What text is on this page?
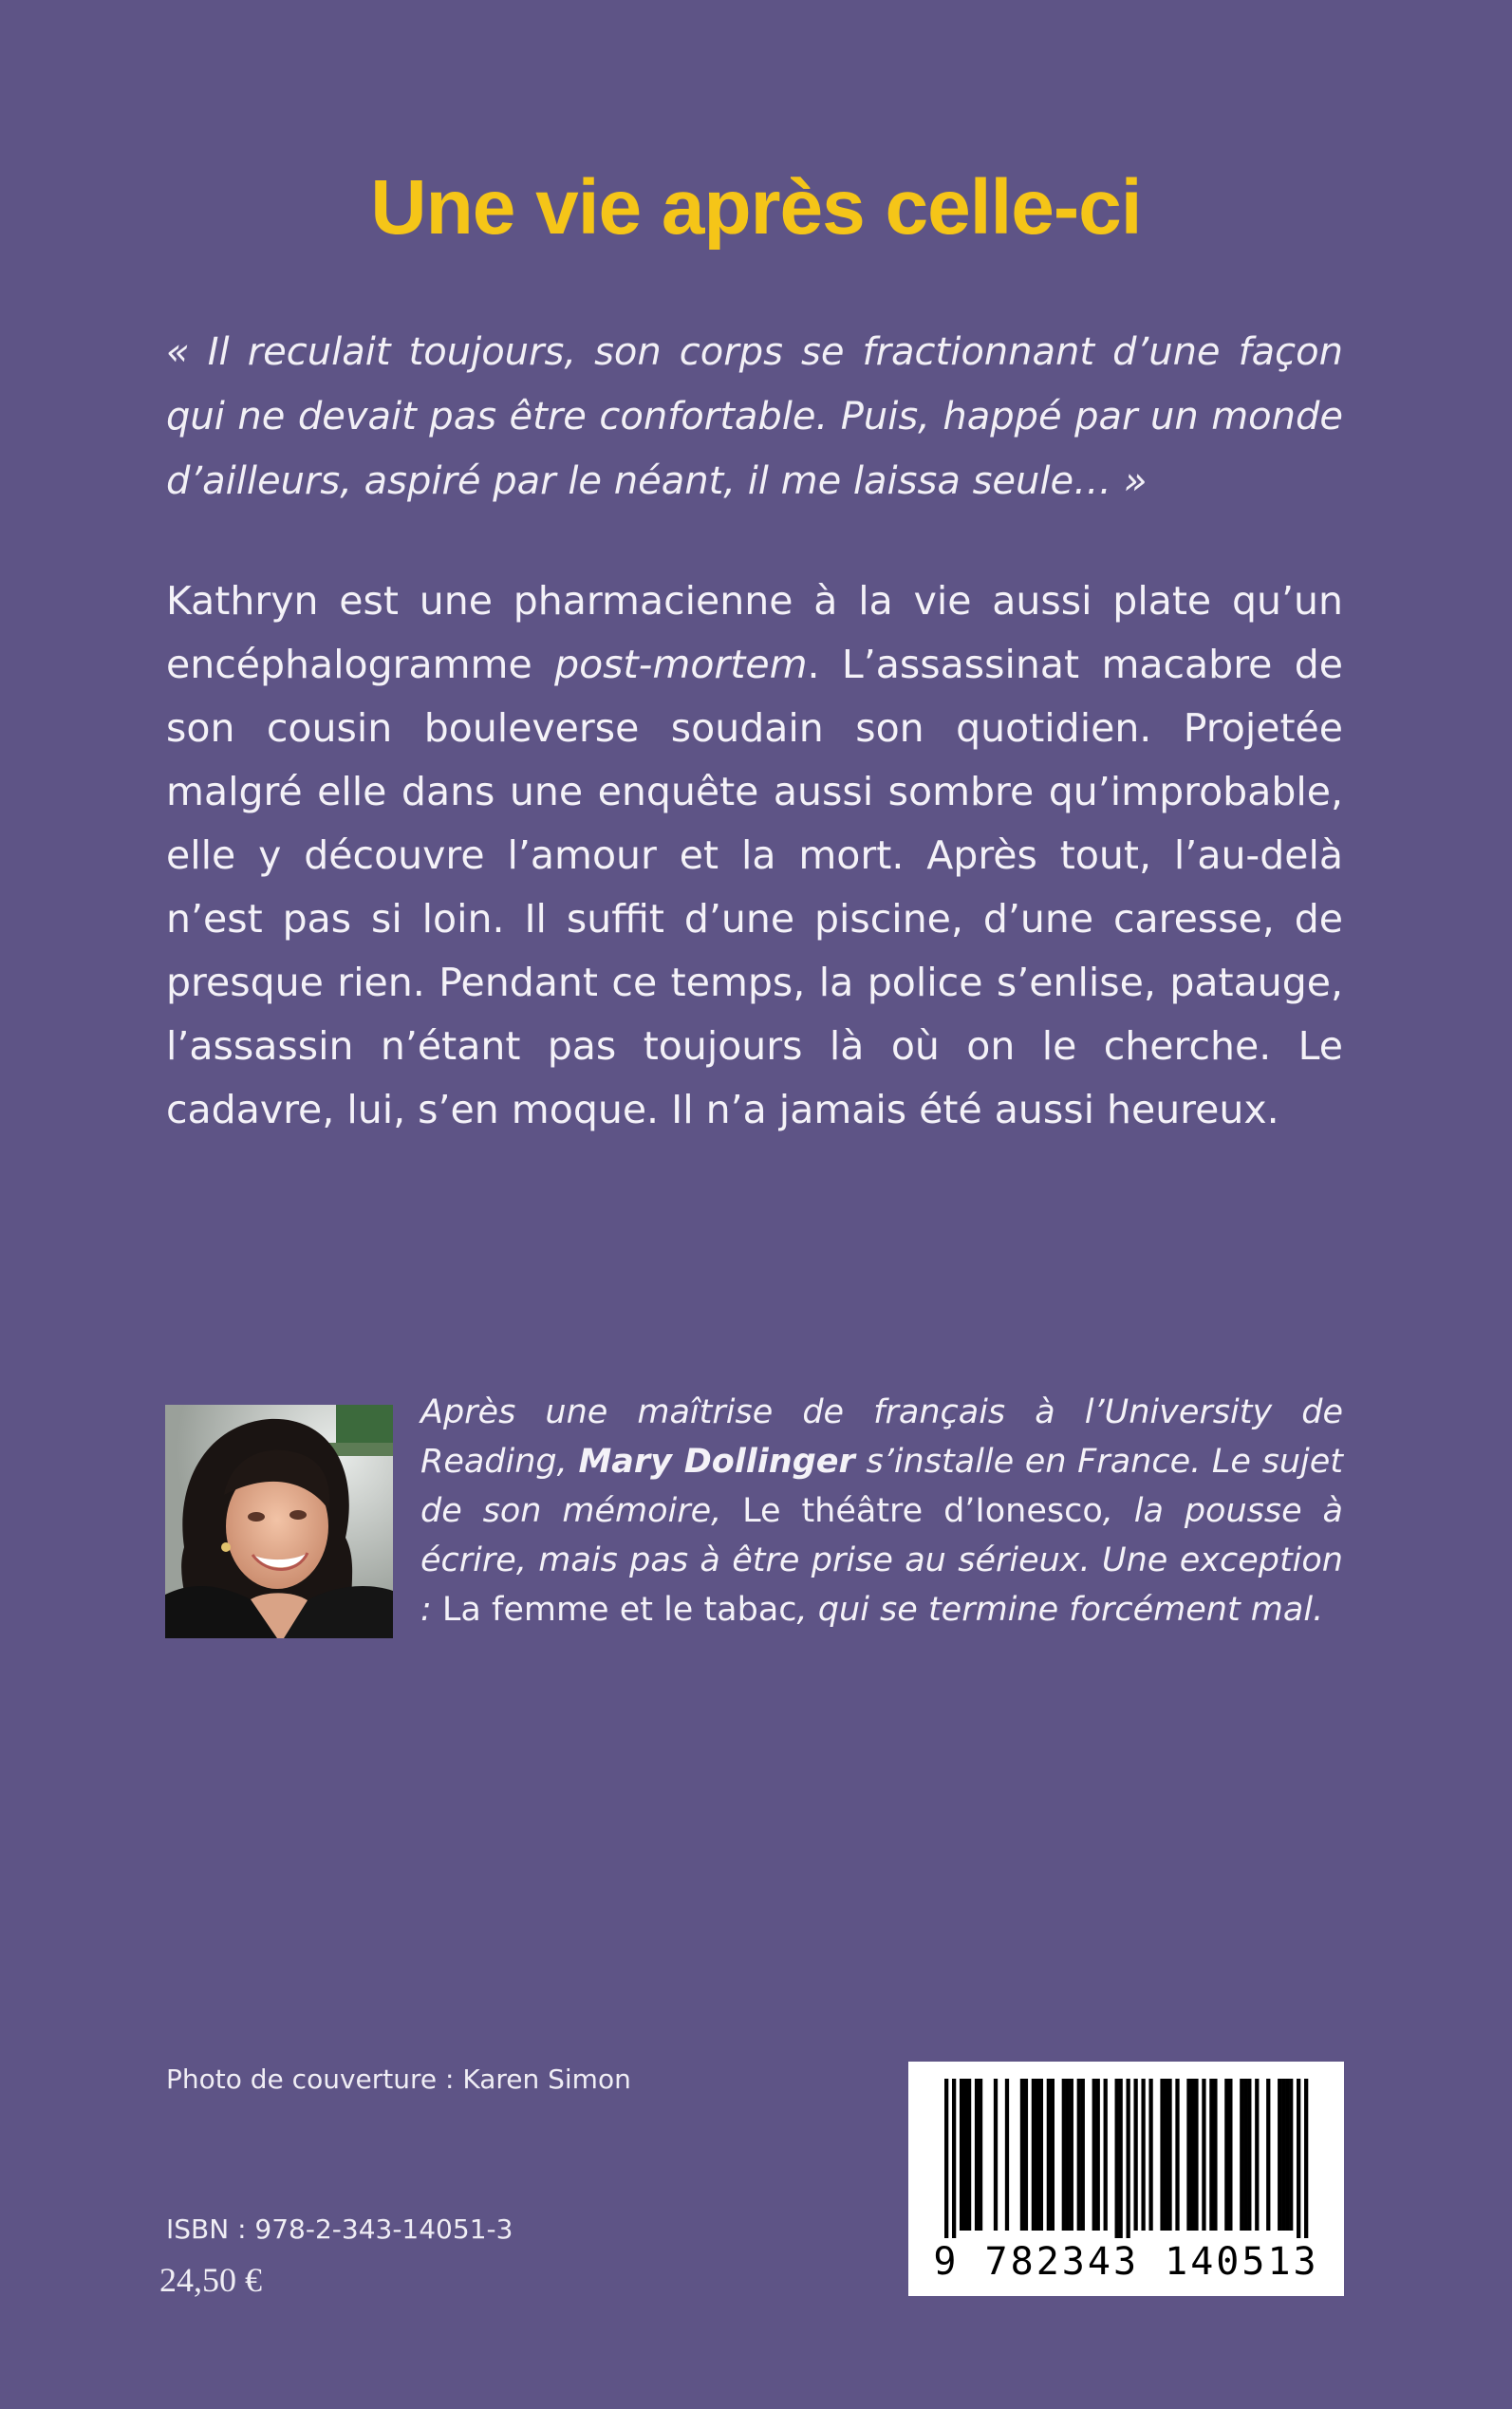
Une vie après celle-ci

« Il reculait toujours, son corps se fractionnant d’une façon qui ne devait pas être confortable. Puis, happé par un monde d’ailleurs, aspiré par le néant, il me laissa seule… »

Kathryn est une pharmacienne à la vie aussi plate qu’un encéphalogramme post-mortem. L’assassinat macabre de son cousin bouleverse soudain son quotidien. Projetée malgré elle dans une enquête aussi sombre qu’improbable, elle y découvre l’amour et la mort. Après tout, l’au-delà n’est pas si loin. Il suffit d’une piscine, d’une caresse, de presque rien. Pendant ce temps, la police s’enlise, patauge, l’assassin n’étant pas toujours là où on le cherche. Le cadavre, lui, s’en moque. Il n’a jamais été aussi heureux.

Après une maîtrise de français à l’University de Reading, Mary Dollinger s’installe en France. Le sujet de son mémoire, Le théâtre d’Ionesco, la pousse à écrire, mais pas à être prise au sérieux. Une exception : La femme et le tabac, qui se termine forcément mal.

Photo de couverture : Karen Simon

ISBN : 978-2-343-14051-3

24,50 €	9 782343 140513
